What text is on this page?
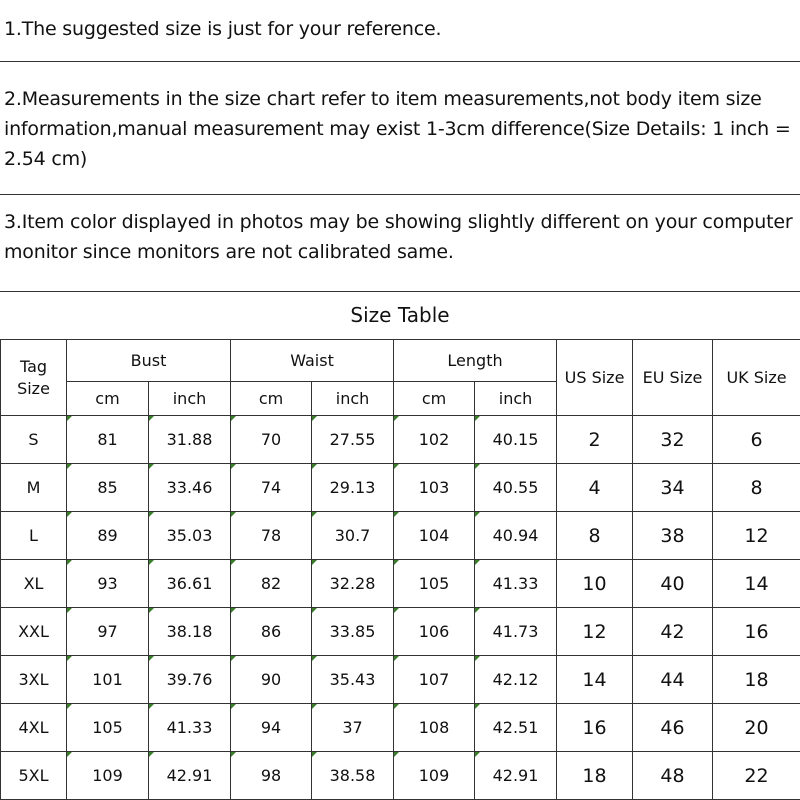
1.The suggested size is just for your reference.
2.Measurements in the size chart refer to item measurements,not body item size information,manual measurement may exist 1-3cm difference(Size Details: 1 inch = 2.54 cm)
3.Item color displayed in photos may be showing slightly different on your computer monitor since monitors are not calibrated same.
Size Table
Tag Size	Bust		Waist		Length		US Size	EU Size	UK Size
	cm	inch	cm	inch	cm	inch			
S	81	31.88	70	27.55	102	40.15	2	32	6
M	85	33.46	74	29.13	103	40.55	4	34	8
L	89	35.03	78	30.7	104	40.94	8	38	12
XL	93	36.61	82	32.28	105	41.33	10	40	14
XXL	97	38.18	86	33.85	106	41.73	12	42	16
3XL	101	39.76	90	35.43	107	42.12	14	44	18
4XL	105	41.33	94	37	108	42.51	16	46	20
5XL	109	42.91	98	38.58	109	42.91	18	48	22
